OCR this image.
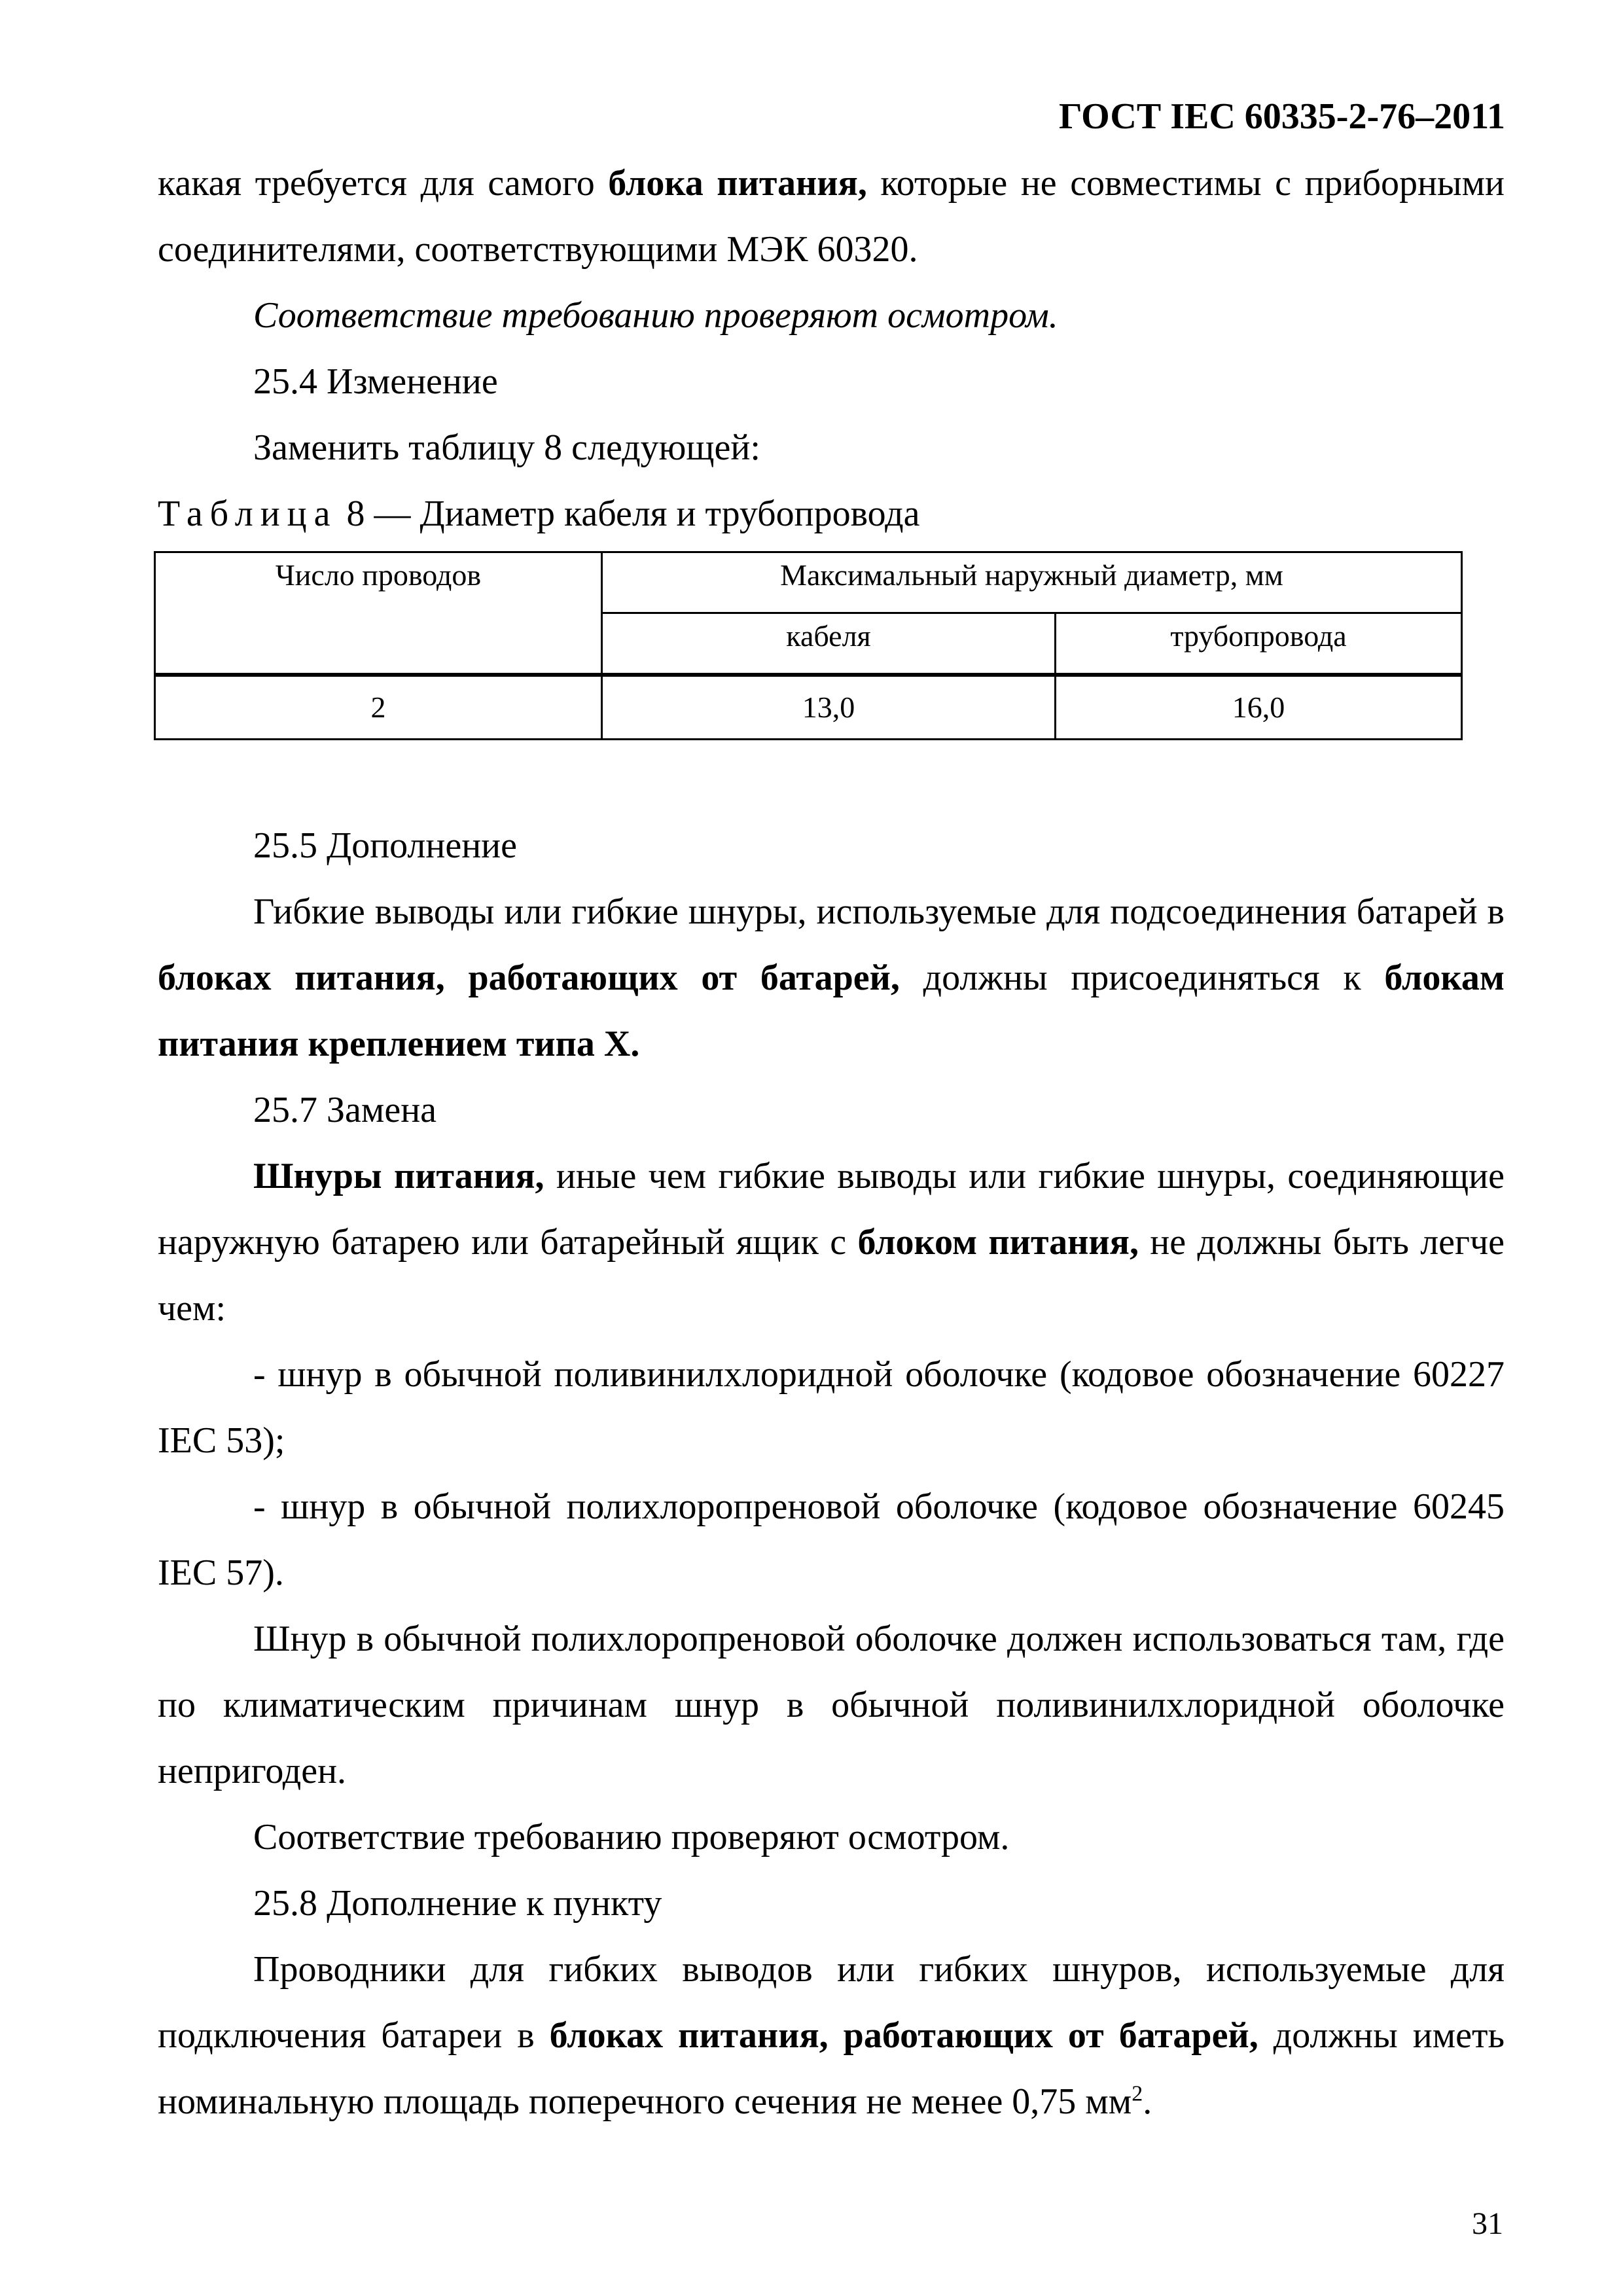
ГОСТ IEC 60335-2-76–2011

какая требуется для самого блока питания, которые не совместимы с приборными соединителями, соответствующими МЭК 60320.

Соответствие требованию проверяют осмотром.

25.4 Изменение

Заменить таблицу 8 следующей:

Таблица 8 — Диаметр кабеля и трубопровода

Число проводов	Максимальный наружный диаметр, мм	
	кабеля	трубопровода
2	13,0	16,0

25.5 Дополнение

Гибкие выводы или гибкие шнуры, используемые для подсоединения батарей в блоках питания, работающих от батарей, должны присоединяться к блокам питания креплением типа X.

25.7 Замена

Шнуры питания, иные чем гибкие выводы или гибкие шнуры, соединяющие наружную батарею или батарейный ящик с блоком питания, не должны быть легче чем:

- шнур в обычной поливинилхлоридной оболочке (кодовое обозначение 60227 IEC 53);

- шнур в обычной полихлоропреновой оболочке (кодовое обозначение 60245 IEC 57).

Шнур в обычной полихлоропреновой оболочке должен использоваться там, где по климатическим причинам шнур в обычной поливинилхлоридной оболочке непригоден.

Соответствие требованию проверяют осмотром.

25.8 Дополнение к пункту

Проводники для гибких выводов или гибких шнуров, используемые для подключения батареи в блоках питания, работающих от батарей, должны иметь номинальную площадь поперечного сечения не менее 0,75 $мм^2$.

31
